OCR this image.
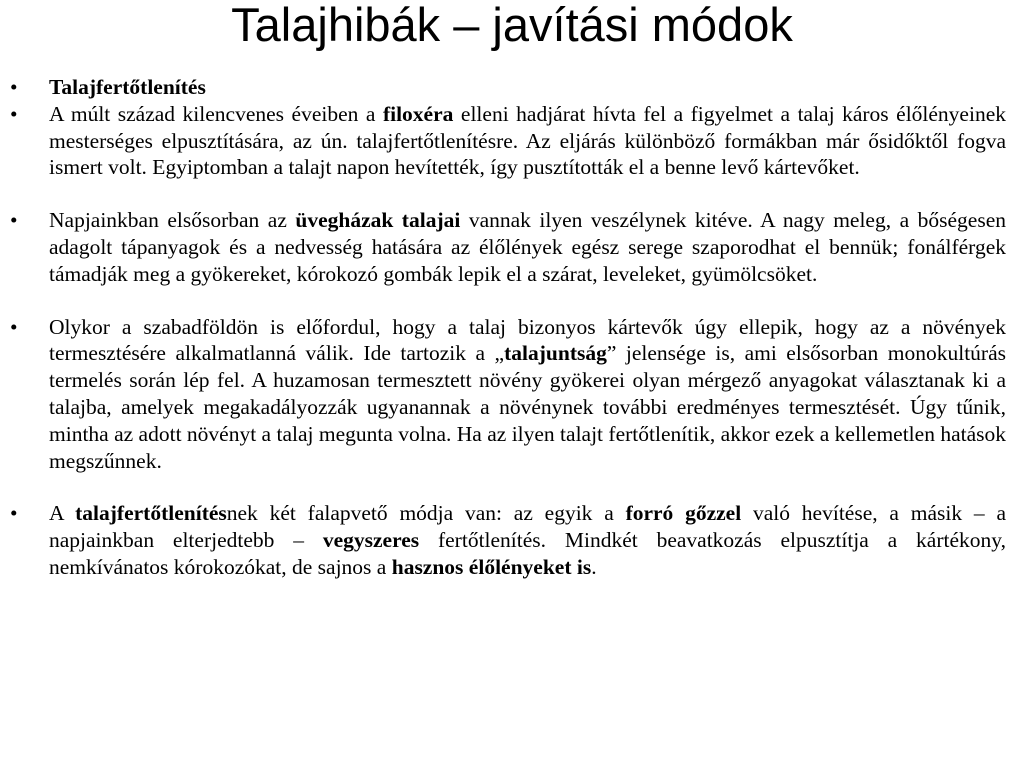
Talajhibák – javítási módok
• Talajfertőtlenítés
• A múlt század kilencvenes éveiben a filoxéra elleni hadjárat hívta fel a figyelmet a talaj káros élőlényeinek mesterséges elpusztítására, az ún. talajfertőtlenítésre. Az eljárás különböző formákban már ősidőktől fogva ismert volt. Egyiptomban a talajt napon hevítették, így pusztították el a benne levő kártevőket.
• Napjainkban elsősorban az üvegházak talajai vannak ilyen veszélynek kitéve. A nagy meleg, a bőségesen adagolt tápanyagok és a nedvesség hatására az élőlények egész serege szaporodhat el bennük; fonálférgek támadják meg a gyökereket, kórokozó gombák lepik el a szárat, leveleket, gyümölcsöket.
• Olykor a szabadföldön is előfordul, hogy a talaj bizonyos kártevők úgy ellepik, hogy az a növények termesztésére alkalmatlanná válik. Ide tartozik a „talajuntság” jelensége is, ami elsősorban monokultúrás termelés során lép fel. A huzamosan termesztett növény gyökerei olyan mérgező anyagokat választanak ki a talajba, amelyek megakadályozzák ugyanannak a növénynek további eredményes termesztését. Úgy tűnik, mintha az adott növényt a talaj megunta volna. Ha az ilyen talajt fertőtlenítik, akkor ezek a kellemetlen hatások megszűnnek.
• A talajfertőtlenítésnek két falapvető módja van: az egyik a forró gőzzel való hevítése, a másik – a napjainkban elterjedtebb – vegyszeres fertőtlenítés. Mindkét beavatkozás elpusztítja a kártékony, nemkívánatos kórokozókat, de sajnos a hasznos élőlényeket is.
